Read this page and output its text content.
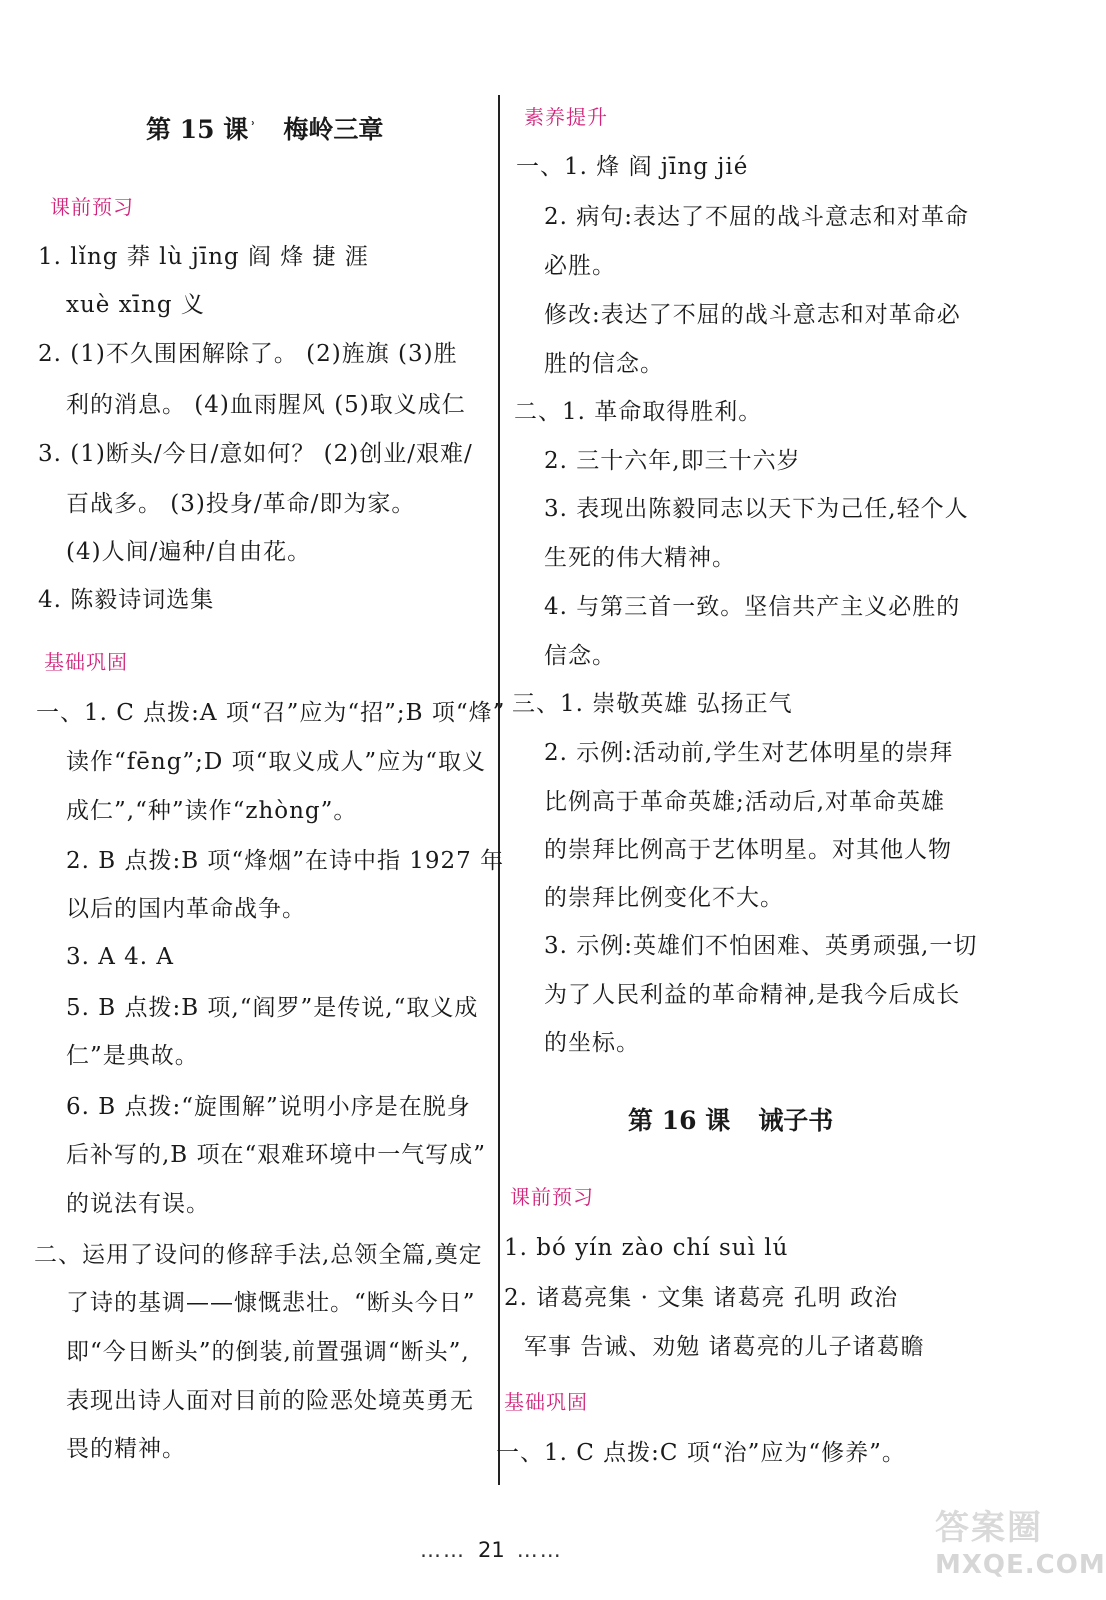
第 15 课 ˒ 梅岭三章
课前预习
1. lǐng 莽 lù jīng 阎 烽 捷 涯
xuè xīng 义
2. (1)不久围困解除了。 (2)旌旗 (3)胜
利的消息。 (4)血雨腥风 (5)取义成仁
3. (1)断头/今日/意如何？ (2)创业/艰难/
百战多。 (3)投身/革命/即为家。
(4)人间/遍种/自由花。
4. 陈毅诗词选集
基础巩固
一、1. C 点拨:A 项“召”应为“招”;B 项“烽”
读作“fēng”;D 项“取义成人”应为“取义
成仁”,“种”读作“zhòng”。
2. B 点拨:B 项“烽烟”在诗中指 1927 年
以后的国内革命战争。
3. A 4. A
5. B 点拨:B 项,“阎罗”是传说,“取义成
仁”是典故。
6. B 点拨:“旋围解”说明小序是在脱身
后补写的,B 项在“艰难环境中一气写成”
的说法有误。
二、运用了设问的修辞手法,总领全篇,奠定
了诗的基调——慷慨悲壮。“断头今日”
即“今日断头”的倒装,前置强调“断头”,
表现出诗人面对目前的险恶处境英勇无
畏的精神。
素养提升
一、1. 烽 阎 jīng jié
2. 病句:表达了不屈的战斗意志和对革命
必胜。
修改:表达了不屈的战斗意志和对革命必
胜的信念。
二、1. 革命取得胜利。
2. 三十六年,即三十六岁
3. 表现出陈毅同志以天下为己任,轻个人
生死的伟大精神。
4. 与第三首一致。坚信共产主义必胜的
信念。
三、1. 崇敬英雄 弘扬正气
2. 示例:活动前,学生对艺体明星的崇拜
比例高于革命英雄;活动后,对革命英雄
的崇拜比例高于艺体明星。对其他人物
的崇拜比例变化不大。
3. 示例:英雄们不怕困难、英勇顽强,一切
为了人民利益的革命精神,是我今后成长
的坐标。
第 16 课 诫子书
课前预习
1. bó yín zào chí suì lú
2. 诸葛亮集 · 文集 诸葛亮 孔明 政治
军事 告诫、劝勉 诸葛亮的儿子诸葛瞻
基础巩固
一、1. C 点拨:C 项“治”应为“修养”。
…… 21 ……
答案圈
MXQE.COM
